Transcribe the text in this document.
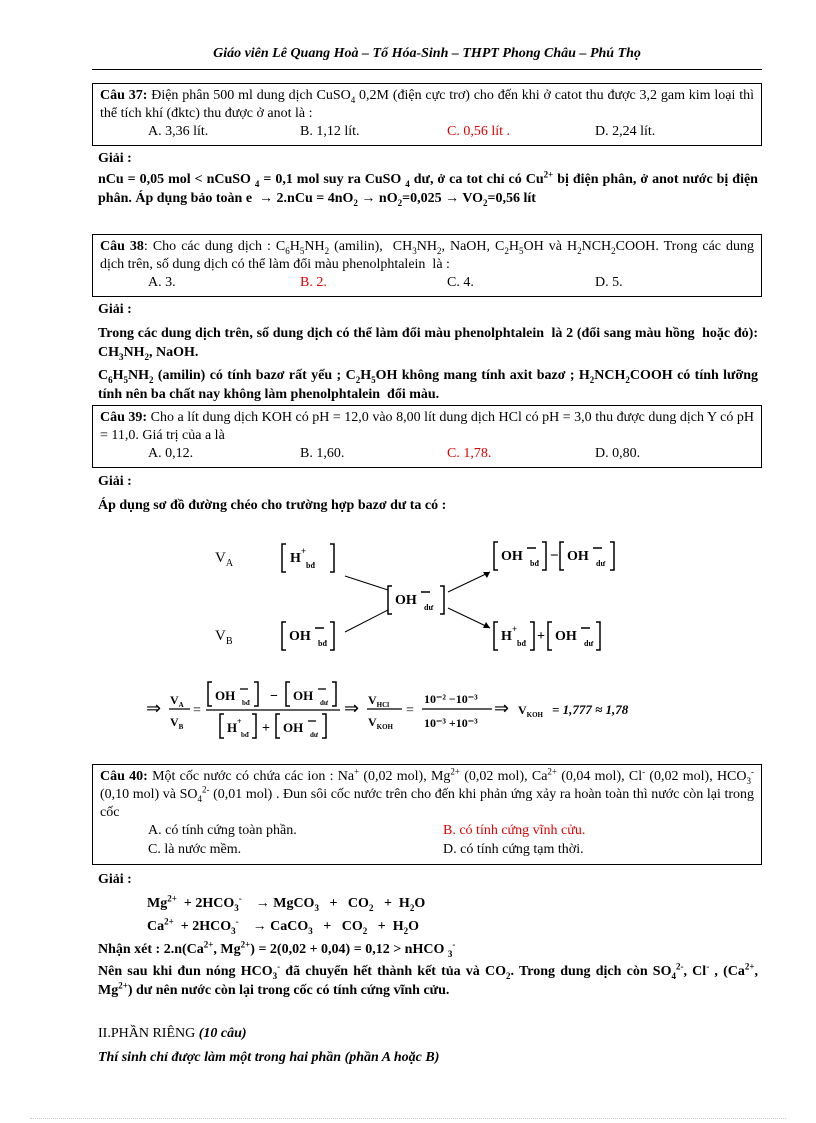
Giáo viên Lê Quang Hoà – Tổ Hóa-Sinh – THPT Phong Châu – Phú Thọ
Câu 37: Điện phân 500 ml dung dịch CuSO$_4$ 0,2M (điện cực trơ) cho đến khi ở catot thu được 3,2 gam kim loại thì thể tích khí (đktc) thu được ở anot là :
A. 3,36 lít.	B. 1,12 lít.	C. 0,56 lít .	D. 2,24 lít.
Giải :
nCu = 0,05 mol < nCuSO $_4$ = 0,1 mol suy ra CuSO $_4$ dư, ở ca tot chỉ có $Cu^{2+}$ bị điện phân, ở anot nước bị điện phân. Áp dụng bảo toàn $e \to 2.nCu = 4nO_2 \to nO_2=0,025 \to VO_2=0,56$ lít
Câu 38: Cho các dung dịch : $C_6H_5NH_2$ (amilin),  $CH_3NH_2$, NaOH, $C_2H_5OH$ và $H_2NCH_2COOH$. Trong các dung dịch trên, số dung dịch có thể làm đổi màu phenolphtalein  là :
A. 3.	B. 2.	C. 4.	D. 5.
Giải :
Trong các dung dịch trên, số dung dịch có thể làm đổi màu phenolphtalein  là 2 (đổi sang màu hồng  hoặc đỏ): $CH_3NH_2$, NaOH.
$C_6H_5NH_2$ (amilin) có tính bazơ rất yếu ; $C_2H_5OH$ không mang tính axit bazơ ; $H_2NCH_2COOH$ có tính lưỡng tính nên ba chất nay không làm phenolphtalein  đổi màu.
Câu 39: Cho a lít dung dịch KOH có pH = 12,0 vào 8,00 lít dung dịch HCl có pH = 3,0 thu được dung dịch Y có pH = 11,0. Giá trị của a là
A. 0,12.	B. 1,60.	C. 1,78.	D. 0,80.
Giải :
Áp dụng sơ đồ đường chéo cho trường hợp bazơ dư ta có :
$V_A$	H +
bđ
OH bđ − OH dư
OH dư
$V_B$	OH bđ	H +
bđ + OH dư
⇒ $V_A$
$V_B$
=
OH bđ − OH dư
H +
bđ + OH dư
⇒ $V_{HCl}$
$V_{KOH}$
=
10⁻² −10⁻³
10⁻³ +10⁻³
⇒ $V_{KOH} = 1,777 \approx 1,78$
Câu 40: Một cốc nước có chứa các ion : Na+ (0,02 mol), $Mg^{2+}$ (0,02 mol), $Ca^{2+}$ (0,04 mol), Cl- (0,02 mol), $HCO_3^-$ (0,10 mol) và $SO_4^{2-}$ (0,01 mol) . Đun sôi cốc nước trên cho đến khi phản ứng xảy ra hoàn toàn thì nước còn lại trong cốc
A. có tính cứng toàn phần.	B. có tính cứng vĩnh cửu.
C. là nước mềm.	D. có tính cứng tạm thời.
Giải :
$Mg^{2+} + 2HCO_3^-$    → MgCO$_3$   +   $CO_2 + H_2O$
$Ca^{2+} + 2HCO_3^-$    → CaCO$_3$   +   $CO_2 + H_2O$
Nhận xét : $2.n(Ca^{2+}$, $Mg^{2+}) = 2(0,02 + 0,04) = 0,12$ > nHCO $_3$-
Nên sau khi đun nóng $HCO_3^-$ đã chuyển hết thành kết tủa và $CO_2$. Trong dung dịch còn $SO_4^{2-}$, Cl- , ($Ca^{2+}$, $Mg^{2+}$) dư nên nước còn lại trong cốc có tính cứng vĩnh cửu.
II.PHẦN RIÊNG (10 câu)
Thí sinh chỉ được làm một trong hai phần (phần A hoặc B)
